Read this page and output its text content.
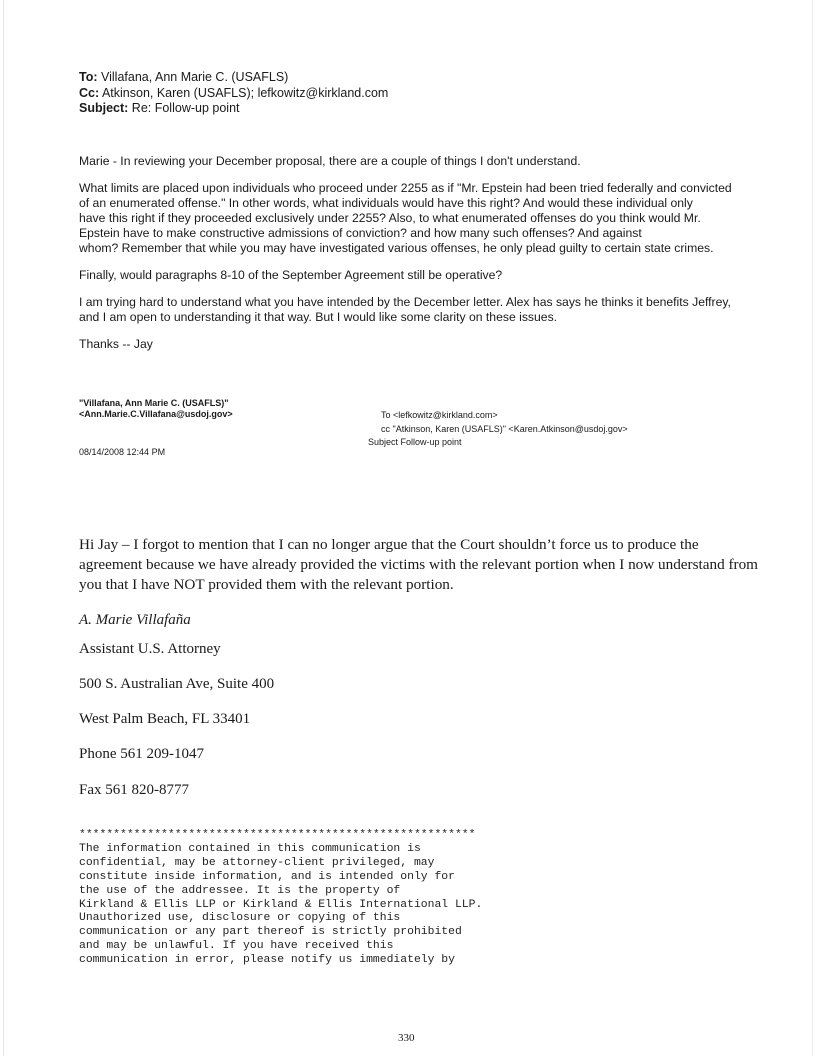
To: Villafana, Ann Marie C. (USAFLS)
Cc: Atkinson, Karen (USAFLS); lefkowitz@kirkland.com
Subject: Re: Follow-up point

Marie - In reviewing your December proposal, there are a couple of things I don't understand.

What limits are placed upon individuals who proceed under 2255 as if "Mr. Epstein had been tried federally and convicted
of an enumerated offense." In other words, what individuals would have this right? And would these individual only
have this right if they proceeded exclusively under 2255? Also, to what enumerated offenses do you think would Mr.
Epstein have to make constructive admissions of conviction? and how many such offenses? And against
whom? Remember that while you may have investigated various offenses, he only plead guilty to certain state crimes.

Finally, would paragraphs 8-10 of the September Agreement still be operative?

I am trying hard to understand what you have intended by the December letter. Alex has says he thinks it benefits Jeffrey,
and I am open to understanding it that way. But I would like some clarity on these issues.

Thanks -- Jay

"Villafana, Ann Marie C. (USAFLS)"
<Ann.Marie.C.Villafana@usdoj.gov>
08/14/2008 12:44 PM
To <lefkowitz@kirkland.com>
cc "Atkinson, Karen (USAFLS)" <Karen.Atkinson@usdoj.gov>
Subject Follow-up point
Hi Jay – I forgot to mention that I can no longer argue that the Court shouldn’t force us to produce the
agreement because we have already provided the victims with the relevant portion when I now understand from
you that I have NOT provided them with the relevant portion.
A. Marie Villafaña
Assistant U.S. Attorney
500 S. Australian Ave, Suite 400
West Palm Beach, FL 33401
Phone 561 209-1047
Fax 561 820-8777
**********************************************************
The information contained in this communication is
confidential, may be attorney-client privileged, may
constitute inside information, and is intended only for
the use of the addressee. It is the property of
Kirkland & Ellis LLP or Kirkland & Ellis International LLP.
Unauthorized use, disclosure or copying of this
communication or any part thereof is strictly prohibited
and may be unlawful. If you have received this
communication in error, please notify us immediately by
330
